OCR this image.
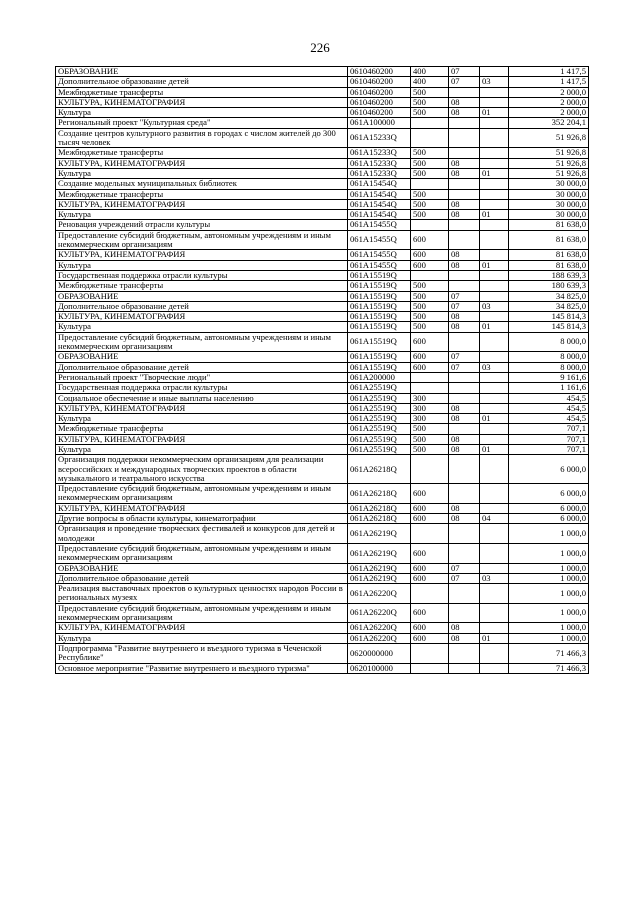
226
ОБРАЗОВАНИЕ	0610460200	400	07		1 417,5
Дополнительное образование детей	0610460200	400	07	03	1 417,5
Межбюджетные трансферты	0610460200	500			2 000,0
КУЛЬТУРА, КИНЕМАТОГРАФИЯ	0610460200	500	08		2 000,0
Культура	0610460200	500	08	01	2 000,0
Региональный проект "Культурная среда"	061A100000				352 204,1
Создание центров культурного развития в городах с числом жителей до 300 тысяч человек	061A15233Q				51 926,8
Межбюджетные трансферты	061A15233Q	500			51 926,8
КУЛЬТУРА, КИНЕМАТОГРАФИЯ	061A15233Q	500	08		51 926,8
Культура	061A15233Q	500	08	01	51 926,8
Создание модельных муниципальных библиотек	061A15454Q				30 000,0
Межбюджетные трансферты	061A15454Q	500			30 000,0
КУЛЬТУРА, КИНЕМАТОГРАФИЯ	061A15454Q	500	08		30 000,0
Культура	061A15454Q	500	08	01	30 000,0
Реновация учреждений отрасли культуры	061A15455Q				81 638,0
Предоставление субсидий бюджетным, автономным учреждениям и иным некоммерческим организациям	061A15455Q	600			81 638,0
КУЛЬТУРА, КИНЕМАТОГРАФИЯ	061A15455Q	600	08		81 638,0
Культура	061A15455Q	600	08	01	81 638,0
Государственная поддержка отрасли культуры	061A15519Q				188 639,3
Межбюджетные трансферты	061A15519Q	500			180 639,3
ОБРАЗОВАНИЕ	061A15519Q	500	07		34 825,0
Дополнительное образование детей	061A15519Q	500	07	03	34 825,0
КУЛЬТУРА, КИНЕМАТОГРАФИЯ	061A15519Q	500	08		145 814,3
Культура	061A15519Q	500	08	01	145 814,3
Предоставление субсидий бюджетным, автономным учреждениям и иным некоммерческим организациям	061A15519Q	600			8 000,0
ОБРАЗОВАНИЕ	061A15519Q	600	07		8 000,0
Дополнительное образование детей	061A15519Q	600	07	03	8 000,0
Региональный проект "Творческие люди"	061A200000				9 161,6
Государственная поддержка отрасли культуры	061A25519Q				1 161,6
Социальное обеспечение и иные выплаты населению	061A25519Q	300			454,5
КУЛЬТУРА, КИНЕМАТОГРАФИЯ	061A25519Q	300	08		454,5
Культура	061A25519Q	300	08	01	454,5
Межбюджетные трансферты	061A25519Q	500			707,1
КУЛЬТУРА, КИНЕМАТОГРАФИЯ	061A25519Q	500	08		707,1
Культура	061A25519Q	500	08	01	707,1
Организация поддержки некоммерческим организациям для реализации всероссийских и международных творческих проектов в области музыкального и театрального искусства	061A26218Q				6 000,0
Предоставление субсидий бюджетным, автономным учреждениям и иным некоммерческим организациям	061A26218Q	600			6 000,0
КУЛЬТУРА, КИНЕМАТОГРАФИЯ	061A26218Q	600	08		6 000,0
Другие вопросы в области культуры, кинематографии	061A26218Q	600	08	04	6 000,0
Организация и проведение творческих фестивалей и конкурсов для детей и молодежи	061A26219Q				1 000,0
Предоставление субсидий бюджетным, автономным учреждениям и иным некоммерческим организациям	061A26219Q	600			1 000,0
ОБРАЗОВАНИЕ	061A26219Q	600	07		1 000,0
Дополнительное образование детей	061A26219Q	600	07	03	1 000,0
Реализация выставочных проектов о культурных ценностях народов России в региональных музеях	061A26220Q				1 000,0
Предоставление субсидий бюджетным, автономным учреждениям и иным некоммерческим организациям	061A26220Q	600			1 000,0
КУЛЬТУРА, КИНЕМАТОГРАФИЯ	061A26220Q	600	08		1 000,0
Культура	061A26220Q	600	08	01	1 000,0
Подпрограмма "Развитие внутреннего и въездного туризма в Чеченской Республике"	0620000000				71 466,3
Основное мероприятие "Развитие внутреннего и въездного туризма"	0620100000				71 466,3
